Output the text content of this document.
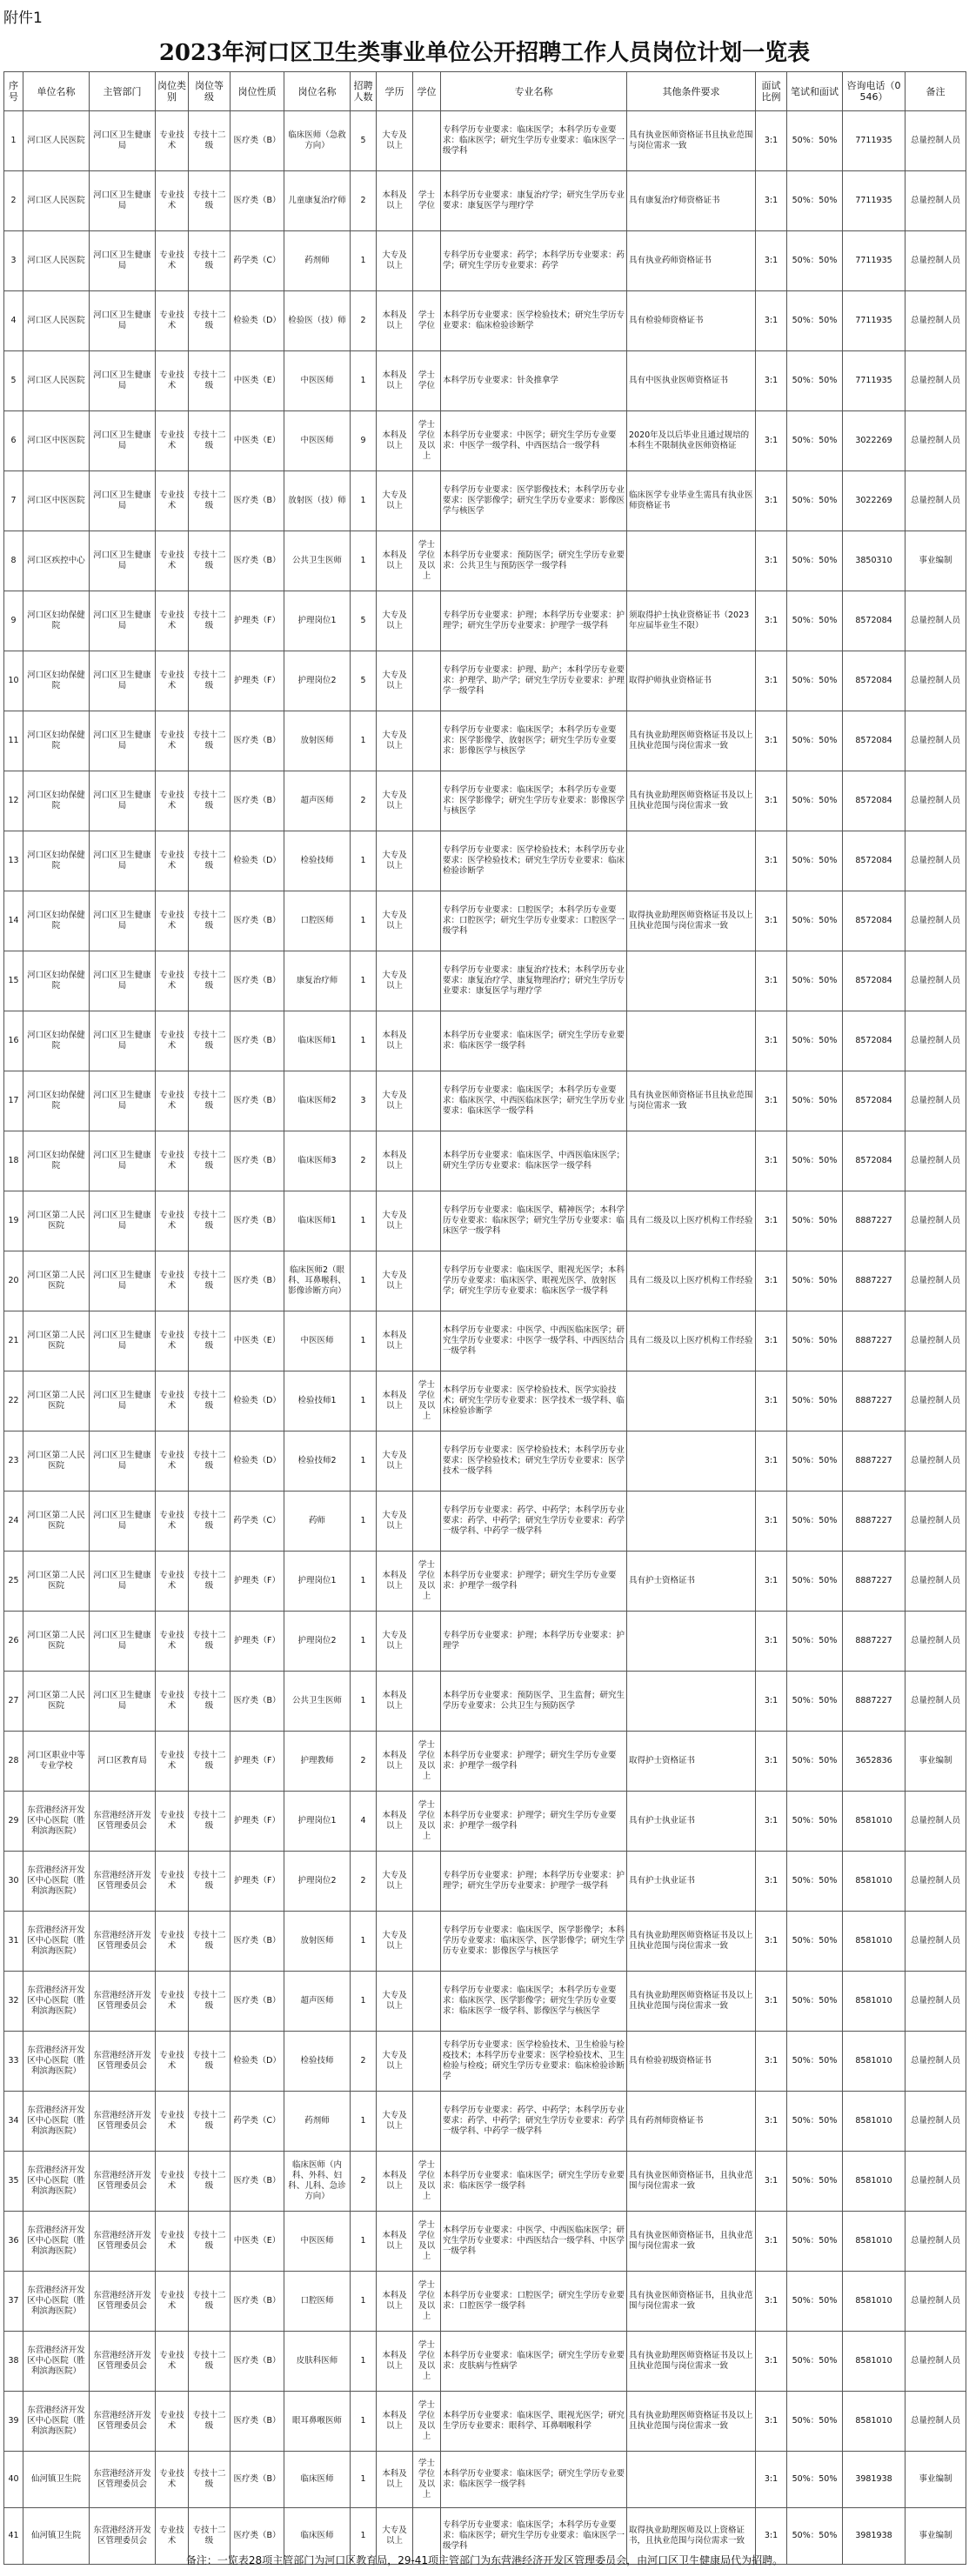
附件1
2023年河口区卫生类事业单位公开招聘工作人员岗位计划一览表
序号	单位名称	主管部门	岗位类别	岗位等级	岗位性质	岗位名称	招聘人数	学历	学位	专业名称	其他条件要求	面试比例	笔试和面试	咨询电话（0546）	备注
1	河口区人民医院	河口区卫生健康局	专业技术	专技十二级	医疗类（B）	临床医师（急救方向）	5	大专及以上		专科学历专业要求：临床医学；本科学历专业要求：临床医学；研究生学历专业要求：临床医学一级学科	具有执业医师资格证书且执业范围与岗位需求一致	3:1	50%：50%	7711935	总量控制人员
2	河口区人民医院	河口区卫生健康局	专业技术	专技十二级	医疗类（B）	儿童康复治疗师	2	本科及以上	学士学位	本科学历专业要求：康复治疗学；研究生学历专业要求：康复医学与理疗学	具有康复治疗师资格证书	3:1	50%：50%	7711935	总量控制人员
3	河口区人民医院	河口区卫生健康局	专业技术	专技十二级	药学类（C）	药剂师	1	大专及以上		专科学历专业要求：药学；本科学历专业要求：药学；研究生学历专业要求：药学	具有执业药师资格证书	3:1	50%：50%	7711935	总量控制人员
4	河口区人民医院	河口区卫生健康局	专业技术	专技十二级	检验类（D）	检验医（技）师	2	本科及以上	学士学位	本科学历专业要求：医学检验技术；研究生学历专业要求：临床检验诊断学	具有检验师资格证书	3:1	50%：50%	7711935	总量控制人员
5	河口区人民医院	河口区卫生健康局	专业技术	专技十二级	中医类（E）	中医医师	1	本科及以上	学士学位	本科学历专业要求：针灸推拿学	具有中医执业医师资格证书	3:1	50%：50%	7711935	总量控制人员
6	河口区中医医院	河口区卫生健康局	专业技术	专技十二级	中医类（E）	中医医师	9	本科及以上	学士学位及以上	本科学历专业要求：中医学；研究生学历专业要求：中医学一级学科、中西医结合一级学科	2020年及以后毕业且通过规培的本科生不限制执业医师资格证	3:1	50%：50%	3022269	总量控制人员
7	河口区中医医院	河口区卫生健康局	专业技术	专技十二级	医疗类（B）	放射医（技）师	1	大专及以上		专科学历专业要求：医学影像技术；本科学历专业要求：医学影像学；研究生学历专业要求：影像医学与核医学	临床医学专业毕业生需具有执业医师资格证书	3:1	50%：50%	3022269	总量控制人员
8	河口区疾控中心	河口区卫生健康局	专业技术	专技十二级	医疗类（B）	公共卫生医师	1	本科及以上	学士学位及以上	本科学历专业要求：预防医学；研究生学历专业要求：公共卫生与预防医学一级学科		3:1	50%：50%	3850310	事业编制
9	河口区妇幼保健院	河口区卫生健康局	专业技术	专技十二级	护理类（F）	护理岗位1	5	大专及以上		专科学历专业要求：护理；本科学历专业要求：护理学；研究生学历专业要求：护理学一级学科	须取得护士执业资格证书（2023年应届毕业生不限）	3:1	50%：50%	8572084	总量控制人员
10	河口区妇幼保健院	河口区卫生健康局	专业技术	专技十二级	护理类（F）	护理岗位2	5	大专及以上		专科学历专业要求：护理、助产；本科学历专业要求：护理学、助产学；研究生学历专业要求：护理学一级学科	取得护师执业资格证书	3:1	50%：50%	8572084	总量控制人员
11	河口区妇幼保健院	河口区卫生健康局	专业技术	专技十二级	医疗类（B）	放射医师	1	大专及以上		专科学历专业要求：临床医学；本科学历专业要求：医学影像学、放射医学；研究生学历专业要求：影像医学与核医学	具有执业助理医师资格证书及以上且执业范围与岗位需求一致	3:1	50%：50%	8572084	总量控制人员
12	河口区妇幼保健院	河口区卫生健康局	专业技术	专技十二级	医疗类（B）	超声医师	2	大专及以上		专科学历专业要求：临床医学；本科学历专业要求：医学影像学；研究生学历专业要求：影像医学与核医学	具有执业助理医师资格证书及以上且执业范围与岗位需求一致	3:1	50%：50%	8572084	总量控制人员
13	河口区妇幼保健院	河口区卫生健康局	专业技术	专技十二级	检验类（D）	检验技师	1	大专及以上		专科学历专业要求：医学检验技术；本科学历专业要求：医学检验技术；研究生学历专业要求：临床检验诊断学		3:1	50%：50%	8572084	总量控制人员
14	河口区妇幼保健院	河口区卫生健康局	专业技术	专技十二级	医疗类（B）	口腔医师	1	大专及以上		专科学历专业要求：口腔医学；本科学历专业要求：口腔医学；研究生学历专业要求：口腔医学一级学科	取得执业助理医师资格证书及以上且执业范围与岗位需求一致	3:1	50%：50%	8572084	总量控制人员
15	河口区妇幼保健院	河口区卫生健康局	专业技术	专技十二级	医疗类（B）	康复治疗师	1	大专及以上		专科学历专业要求：康复治疗技术；本科学历专业要求：康复治疗学、康复物理治疗；研究生学历专业要求：康复医学与理疗学		3:1	50%：50%	8572084	总量控制人员
16	河口区妇幼保健院	河口区卫生健康局	专业技术	专技十二级	医疗类（B）	临床医师1	1	本科及以上		本科学历专业要求：临床医学；研究生学历专业要求：临床医学一级学科		3:1	50%：50%	8572084	总量控制人员
17	河口区妇幼保健院	河口区卫生健康局	专业技术	专技十二级	医疗类（B）	临床医师2	3	大专及以上		专科学历专业要求：临床医学；本科学历专业要求：临床医学、中西医临床医学；研究生学历专业要求：临床医学一级学科	具有执业医师资格证书且执业范围与岗位需求一致	3:1	50%：50%	8572084	总量控制人员
18	河口区妇幼保健院	河口区卫生健康局	专业技术	专技十二级	医疗类（B）	临床医师3	2	本科及以上		本科学历专业要求：临床医学、中西医临床医学；研究生学历专业要求：临床医学一级学科		3:1	50%：50%	8572084	总量控制人员
19	河口区第二人民医院	河口区卫生健康局	专业技术	专技十二级	医疗类（B）	临床医师1	1	大专及以上		专科学历专业要求：临床医学、精神医学；本科学历专业要求：临床医学；研究生学历专业要求：临床医学一级学科	具有二级及以上医疗机构工作经验	3:1	50%：50%	8887227	总量控制人员
20	河口区第二人民医院	河口区卫生健康局	专业技术	专技十二级	医疗类（B）	临床医师2（眼科、耳鼻喉科、影像诊断方向）	1	大专及以上		专科学历专业要求：临床医学、眼视光医学；本科学历专业要求：临床医学、眼视光医学、放射医学；研究生学历专业要求：临床医学一级学科	具有二级及以上医疗机构工作经验	3:1	50%：50%	8887227	总量控制人员
21	河口区第二人民医院	河口区卫生健康局	专业技术	专技十二级	中医类（E）	中医医师	1	本科及以上		本科学历专业要求：中医学、中西医临床医学；研究生学历专业要求：中医学一级学科、中西医结合一级学科	具有二级及以上医疗机构工作经验	3:1	50%：50%	8887227	总量控制人员
22	河口区第二人民医院	河口区卫生健康局	专业技术	专技十二级	检验类（D）	检验技师1	1	本科及以上	学士学位及以上	本科学历专业要求：医学检验技术、医学实验技术；研究生学历专业要求：医学技术一级学科、临床检验诊断学		3:1	50%：50%	8887227	总量控制人员
23	河口区第二人民医院	河口区卫生健康局	专业技术	专技十二级	检验类（D）	检验技师2	1	大专及以上		专科学历专业要求：医学检验技术；本科学历专业要求：医学检验技术；研究生学历专业要求：医学技术一级学科		3:1	50%：50%	8887227	总量控制人员
24	河口区第二人民医院	河口区卫生健康局	专业技术	专技十二级	药学类（C）	药师	1	大专及以上		专科学历专业要求：药学、中药学；本科学历专业要求：药学、中药学；研究生学历专业要求：药学一级学科、中药学一级学科		3:1	50%：50%	8887227	总量控制人员
25	河口区第二人民医院	河口区卫生健康局	专业技术	专技十二级	护理类（F）	护理岗位1	1	本科及以上	学士学位及以上	本科学历专业要求：护理学；研究生学历专业要求：护理学一级学科	具有护士资格证书	3:1	50%：50%	8887227	总量控制人员
26	河口区第二人民医院	河口区卫生健康局	专业技术	专技十二级	护理类（F）	护理岗位2	1	大专及以上		专科学历专业要求：护理；本科学历专业要求：护理学		3:1	50%：50%	8887227	总量控制人员
27	河口区第二人民医院	河口区卫生健康局	专业技术	专技十二级	医疗类（B）	公共卫生医师	1	本科及以上		本科学历专业要求：预防医学、卫生监督；研究生学历专业要求：公共卫生与预防医学		3:1	50%：50%	8887227	总量控制人员
28	河口区职业中等专业学校	河口区教育局	专业技术	专技十二级	护理类（F）	护理教师	2	本科及以上	学士学位及以上	本科学历专业要求：护理学；研究生学历专业要求：护理学一级学科	取得护士资格证书	3:1	50%：50%	3652836	事业编制
29	东营港经济开发区中心医院（胜利滨海医院）	东营港经济开发区管理委员会	专业技术	专技十二级	护理类（F）	护理岗位1	4	本科及以上	学士学位及以上	本科学历专业要求：护理学；研究生学历专业要求：护理学一级学科	具有护士执业证书	3:1	50%：50%	8581010	总量控制人员
30	东营港经济开发区中心医院（胜利滨海医院）	东营港经济开发区管理委员会	专业技术	专技十二级	护理类（F）	护理岗位2	2	大专及以上		专科学历专业要求：护理；本科学历专业要求：护理学；研究生学历专业要求：护理学一级学科	具有护士执业证书	3:1	50%：50%	8581010	总量控制人员
31	东营港经济开发区中心医院（胜利滨海医院）	东营港经济开发区管理委员会	专业技术	专技十二级	医疗类（B）	放射医师	1	大专及以上		专科学历专业要求：临床医学、医学影像学；本科学历专业要求：临床医学、医学影像学；研究生学历专业要求：影像医学与核医学	具有执业助理医师资格证书及以上且执业范围与岗位需求一致	3:1	50%：50%	8581010	总量控制人员
32	东营港经济开发区中心医院（胜利滨海医院）	东营港经济开发区管理委员会	专业技术	专技十二级	医疗类（B）	超声医师	1	大专及以上		专科学历专业要求：临床医学；本科学历专业要求：临床医学、医学影像学；研究生学历专业要求：临床医学一级学科、影像医学与核医学	具有执业助理医师资格证书及以上且执业范围与岗位需求一致	3:1	50%：50%	8581010	总量控制人员
33	东营港经济开发区中心医院（胜利滨海医院）	东营港经济开发区管理委员会	专业技术	专技十二级	检验类（D）	检验技师	2	大专及以上		专科学历专业要求：医学检验技术、卫生检验与检疫技术；本科学历专业要求：医学检验技术、卫生检验与检疫；研究生学历专业要求：临床检验诊断学	具有检验初级资格证书	3:1	50%：50%	8581010	总量控制人员
34	东营港经济开发区中心医院（胜利滨海医院）	东营港经济开发区管理委员会	专业技术	专技十二级	药学类（C）	药剂师	1	大专及以上		专科学历专业要求：药学、中药学；本科学历专业要求：药学、中药学；研究生学历专业要求：药学一级学科、中药学一级学科	具有药剂师资格证书	3:1	50%：50%	8581010	总量控制人员
35	东营港经济开发区中心医院（胜利滨海医院）	东营港经济开发区管理委员会	专业技术	专技十二级	医疗类（B）	临床医师（内科、外科、妇科、儿科、急诊方向）	2	本科及以上	学士学位及以上	本科学历专业要求：临床医学；研究生学历专业要求：临床医学一级学科	具有执业医师资格证书，且执业范围与岗位需求一致	3:1	50%：50%	8581010	总量控制人员
36	东营港经济开发区中心医院（胜利滨海医院）	东营港经济开发区管理委员会	专业技术	专技十二级	中医类（E）	中医医师	1	本科及以上	学士学位及以上	本科学历专业要求：中医学、中西医临床医学；研究生学历专业要求：中西医结合一级学科、中医学一级学科	具有执业医师资格证书，且执业范围与岗位需求一致	3:1	50%：50%	8581010	总量控制人员
37	东营港经济开发区中心医院（胜利滨海医院）	东营港经济开发区管理委员会	专业技术	专技十二级	医疗类（B）	口腔医师	1	本科及以上	学士学位及以上	本科学历专业要求：口腔医学；研究生学历专业要求：口腔医学一级学科	具有执业医师资格证书，且执业范围与岗位需求一致	3:1	50%：50%	8581010	总量控制人员
38	东营港经济开发区中心医院（胜利滨海医院）	东营港经济开发区管理委员会	专业技术	专技十二级	医疗类（B）	皮肤科医师	1	本科及以上	学士学位及以上	本科学历专业要求：临床医学；研究生学历专业要求：皮肤病与性病学	具有执业助理医师资格证书及以上且执业范围与岗位需求一致	3:1	50%：50%	8581010	总量控制人员
39	东营港经济开发区中心医院（胜利滨海医院）	东营港经济开发区管理委员会	专业技术	专技十二级	医疗类（B）	眼耳鼻喉医师	1	本科及以上	学士学位及以上	本科学历专业要求：临床医学、眼视光医学；研究生学历专业要求：眼科学、耳鼻咽喉科学	具有执业助理医师资格证书及以上且执业范围与岗位需求一致	3:1	50%：50%	8581010	总量控制人员
40	仙河镇卫生院	东营港经济开发区管理委员会	专业技术	专技十二级	医疗类（B）	临床医师	1	本科及以上	学士学位及以上	本科学历专业要求：临床医学；研究生学历专业要求：临床医学一级学科		3:1	50%：50%	3981938	事业编制
41	仙河镇卫生院	东营港经济开发区管理委员会	专业技术	专技十二级	医疗类（B）	临床医师	1	大专及以上		专科学历专业要求：临床医学；本科学历专业要求：临床医学；研究生学历专业要求：临床医学一级学科	取得执业助理医师及以上资格证书，且执业范围与岗位需求一致	3:1	50%：50%	3981938	事业编制
备注：一览表28项主管部门为河口区教育局，29-41项主管部门为东营港经济开发区管理委员会，由河口区卫生健康局代为招聘。
